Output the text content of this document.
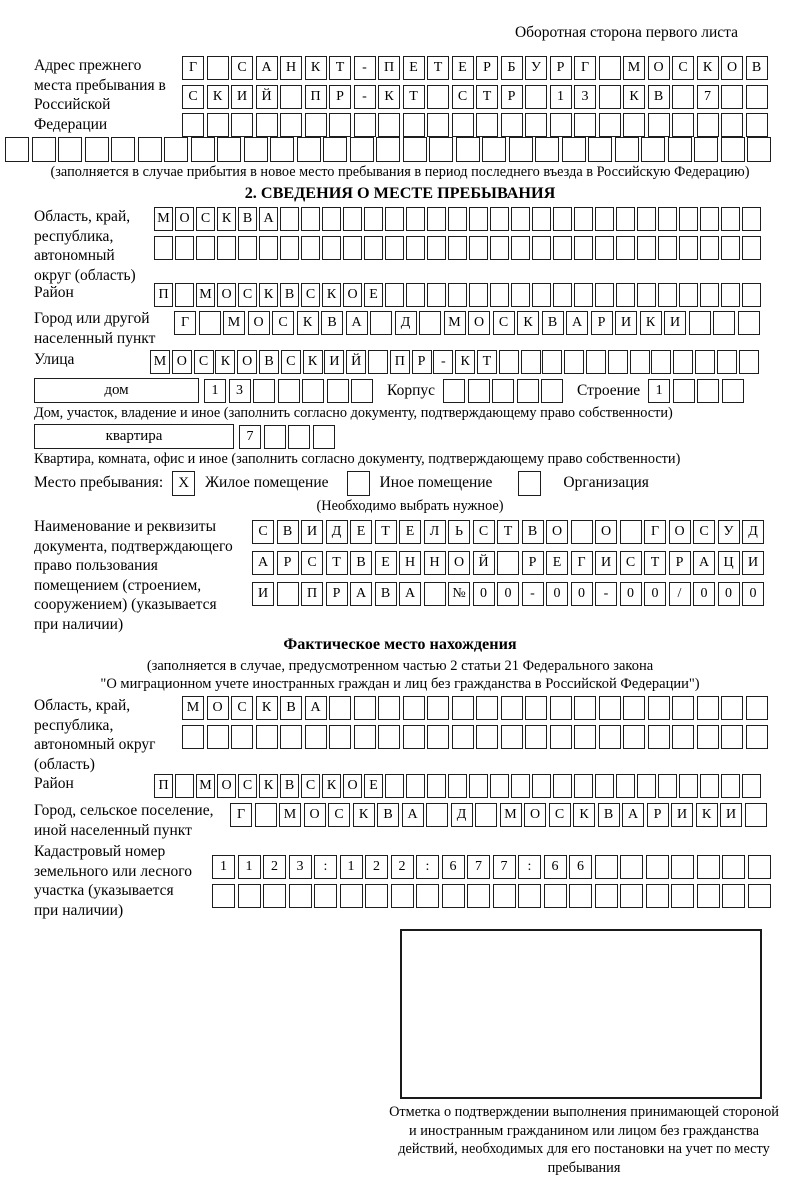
Оборотная сторона первого листа
Адрес прежнего места пребывания в Российской Федерации
Г	С	А	Н	К	Т	-	П	Е	Т	Е	Р	Б	У	Р	Г	М О	С	К	О	В
С	К	И	Й	П	Р	-	К	Т	С	Т	Р	1	3	К	В	7
(заполняется в случае прибытия в новое место пребывания в период последнего въезда в Российскую Федерацию)
2. СВЕДЕНИЯ О МЕСТЕ ПРЕБЫВАНИЯ
Область, край, республика, автономный округ (область)
М О С К В А
Район	П	М О С К В С К О Е
Город или другой населенный пункт
Г	М О	С	К	В	А	Д	М О	С	К	В	А	Р	И	К	И
Улица	М О С К О В С К И Й	П Р	-	К Т
дом	1	3	Корпус	Строение	1
Дом, участок, владение и иное (заполнить согласно документу, подтверждающему право собственности)
квартира	7
Квартира, комната, офис и иное (заполнить согласно документу, подтверждающему право собственности)
Место пребывания:	X	Жилое помещение	Иное помещение	Организация
(Необходимо выбрать нужное)
Наименование и реквизиты документа, подтверждающего право пользования помещением (строением, сооружением) (указывается при наличии)
С	В	И	Д	Е	Т	Е	Л	Ь	С	Т	В	О	О	Г	О	С	У	Д
А	Р	С	Т	В	Е	Н	Н	О	Й	Р	Е	Г	И	С	Т	Р	А	Ц	И
И	П	Р	А	В	А	№	0	0	-	0	0	-	0	0	/	0	0	0
Фактическое место нахождения
(заполняется в случае, предусмотренном частью 2 статьи 21 Федерального закона
"О миграционном учете иностранных граждан и лиц без гражданства в Российской Федерации")
Область, край, республика, автономный округ (область)
М О	С	К	В	А
Район	П	М О С К В С К О Е
Город, сельское поселение, иной населенный пункт
Г	М О	С	К	В	А	Д	М О	С	К	В	А	Р	И	К	И
Кадастровый номер земельного или лесного участка (указывается при наличии)
1	1	2	3	:	1	2	2	:	6	7	7	:	6	6
Отметка о подтверждении выполнения принимающей стороной и иностранным гражданином или лицом без гражданства действий, необходимых для его постановки на учет по месту пребывания
